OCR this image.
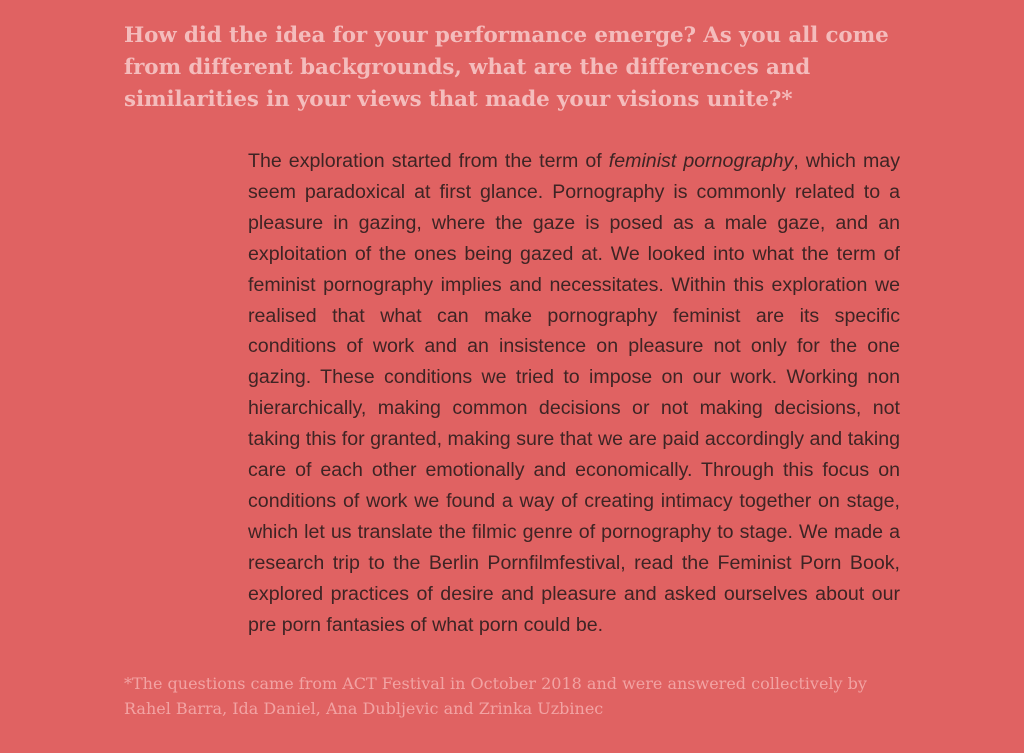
How did the idea for your performance emerge? As you all come from different backgrounds, what are the differences and similarities in your views that made your visions unite?*

The exploration started from the term of feminist pornography, which may seem paradoxical at first glance. Pornography is commonly related to a pleasure in gazing, where the gaze is posed as a male gaze, and an exploitation of the ones being gazed at. We looked into what the term of feminist pornography implies and necessitates. Within this exploration we realised that what can make pornography feminist are its specific conditions of work and an insistence on pleasure not only for the one gazing. These conditions we tried to impose on our work. Working non hierarchically, making common decisions or not making decisions, not taking this for granted, making sure that we are paid accordingly and taking care of each other emotionally and economically. Through this focus on conditions of work we found a way of creating intimacy together on stage, which let us translate the filmic genre of pornography to stage. We made a research trip to the Berlin Pornfilmfestival, read the Feminist Porn Book, explored practices of desire and pleasure and asked ourselves about our pre porn fantasies of what porn could be.

*The questions came from ACT Festival in October 2018 and were answered collectively by Rahel Barra, Ida Daniel, Ana Dubljevic and Zrinka Uzbinec
